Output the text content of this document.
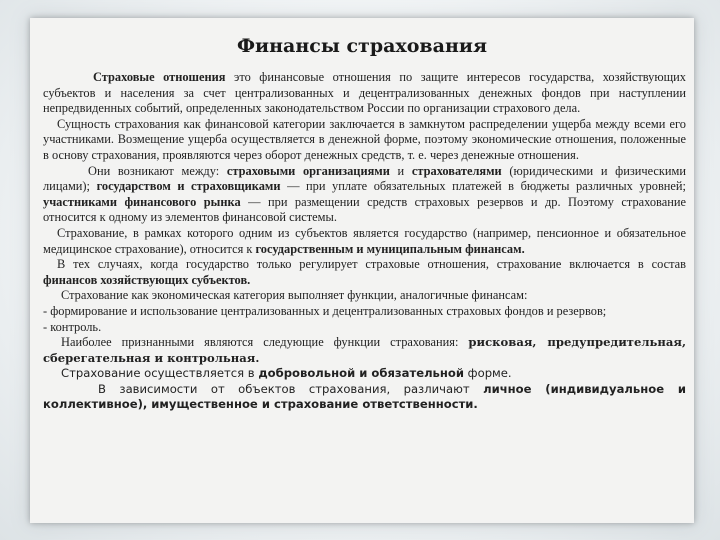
Финансы страхования

Страховые отношения это финансовые отношения по защите интересов государства, хозяйствующих субъектов и населения за счет централизованных и децентрализованных денежных фондов при наступлении непредвиденных событий, определенных законодательством России по организации страхового дела.

Сущность страхования как финансовой категории заключается в замкнутом распределении ущерба между всеми его участниками. Возмещение ущерба осуществляется в денежной форме, поэтому экономические отношения, положенные в основу страхования, проявляются через оборот денежных средств, т. е. через денежные отношения.

Они возникают между: страховыми организациями и страхователями (юридическими и физическими лицами); государством и страховщиками — при уплате обязательных платежей в бюджеты различных уровней; участниками финансового рынка — при размещении средств страховых резервов и др. Поэтому страхование относится к одному из элементов финансовой системы.

Страхование, в рамках которого одним из субъектов является государство (например, пенсионное и обязательное медицинское страхование), относится к государственным и муниципальным финансам.

В тех случаях, когда государство только регулирует страховые отношения, страхование включается в состав финансов хозяйствующих субъектов.

Страхование как экономическая категория выполняет функции, аналогичные финансам:

- формирование и использование централизованных и децентрализованных страховых фондов и резервов;

- контроль.

Наиболее признанными являются следующие функции страхования: рисковая, предупредительная, сберегательная и контрольная.

Страхование осуществляется в добровольной и обязательной форме.

В зависимости от объектов страхования, различают личное (индивидуальное и коллективное), имущественное и страхование ответственности.
